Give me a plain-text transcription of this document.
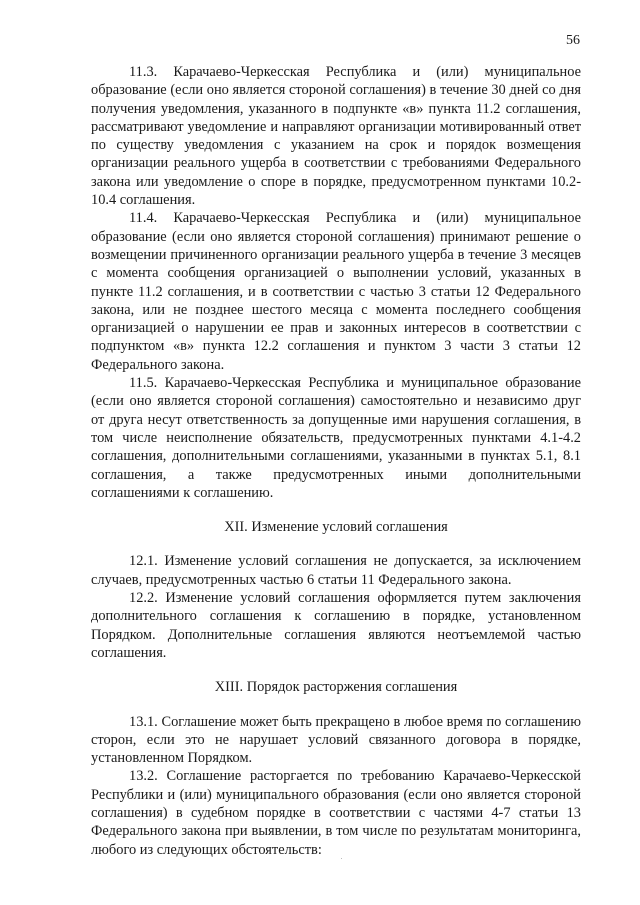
56

11.3. Карачаево-Черкесская Республика и (или) муниципальное образование (если оно является стороной соглашения) в течение 30 дней со дня получения уведомления, указанного в подпункте «в» пункта 11.2 соглашения, рассматривают уведомление и направляют организации мотивированный ответ по существу уведомления с указанием на срок и порядок возмещения организации реального ущерба в соответствии с требованиями Федерального закона или уведомление о споре в порядке, предусмотренном пунктами 10.2-10.4 соглашения.

11.4. Карачаево-Черкесская Республика и (или) муниципальное образование (если оно является стороной соглашения) принимают решение о возмещении причиненного организации реального ущерба в течение 3 месяцев с момента сообщения организацией о выполнении условий, указанных в пункте 11.2 соглашения, и в соответствии с частью 3 статьи 12 Федерального закона, или не позднее шестого месяца с момента последнего сообщения организацией о нарушении ее прав и законных интересов в соответствии с подпунктом «в» пункта 12.2 соглашения и пунктом 3 части 3 статьи 12 Федерального закона.

11.5. Карачаево-Черкесская Республика и муниципальное образование (если оно является стороной соглашения) самостоятельно и независимо друг от друга несут ответственность за допущенные ими нарушения соглашения, в том числе неисполнение обязательств, предусмотренных пунктами 4.1-4.2 соглашения, дополнительными соглашениями, указанными в пунктах 5.1, 8.1 соглашения, а также предусмотренных иными дополнительными соглашениями к соглашению.

XII. Изменение условий соглашения

12.1. Изменение условий соглашения не допускается, за исключением случаев, предусмотренных частью 6 статьи 11 Федерального закона.

12.2. Изменение условий соглашения оформляется путем заключения дополнительного соглашения к соглашению в порядке, установленном Порядком. Дополнительные соглашения являются неотъемлемой частью соглашения.

XIII. Порядок расторжения соглашения

13.1. Соглашение может быть прекращено в любое время по соглашению сторон, если это не нарушает условий связанного договора в порядке, установленном Порядком.

13.2. Соглашение расторгается по требованию Карачаево-Черкесской Республики и (или) муниципального образования (если оно является стороной соглашения) в судебном порядке в соответствии с частями 4-7 статьи 13 Федерального закона при выявлении, в том числе по результатам мониторинга, любого из следующих обстоятельств:
